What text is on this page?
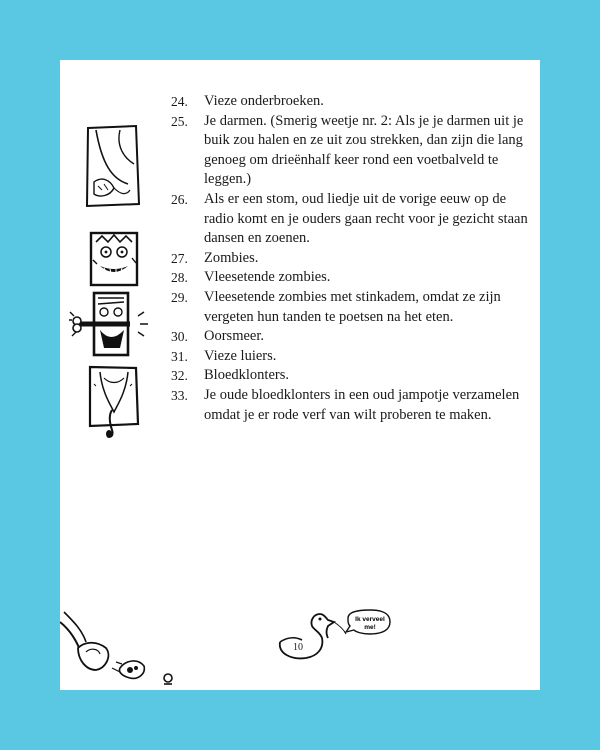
24.	Vieze onderbroeken.
25.	Je darmen. (Smerig weetje nr. 2: Als je je darmen uit je buik zou halen en ze uit zou strekken, dan zijn die lang genoeg om drieënhalf keer rond een voetbalveld te leggen.)
26.	Als er een stom, oud liedje uit de vorige eeuw op de radio komt en je ouders gaan recht voor je gezicht staan dansen en zoenen.
27.	Zombies.
28.	Vleesetende zombies.
29.	Vleesetende zombies met stinkadem, omdat ze zijn vergeten hun tanden te poetsen na het eten.
30.	Oorsmeer.
31.	Vieze luiers.
32.	Bloedklonters.
33.	Je oude bloedklonters in een oud jampotje verzamelen omdat je er rode verf van wilt proberen te maken.
Ik verveel
me!
10
